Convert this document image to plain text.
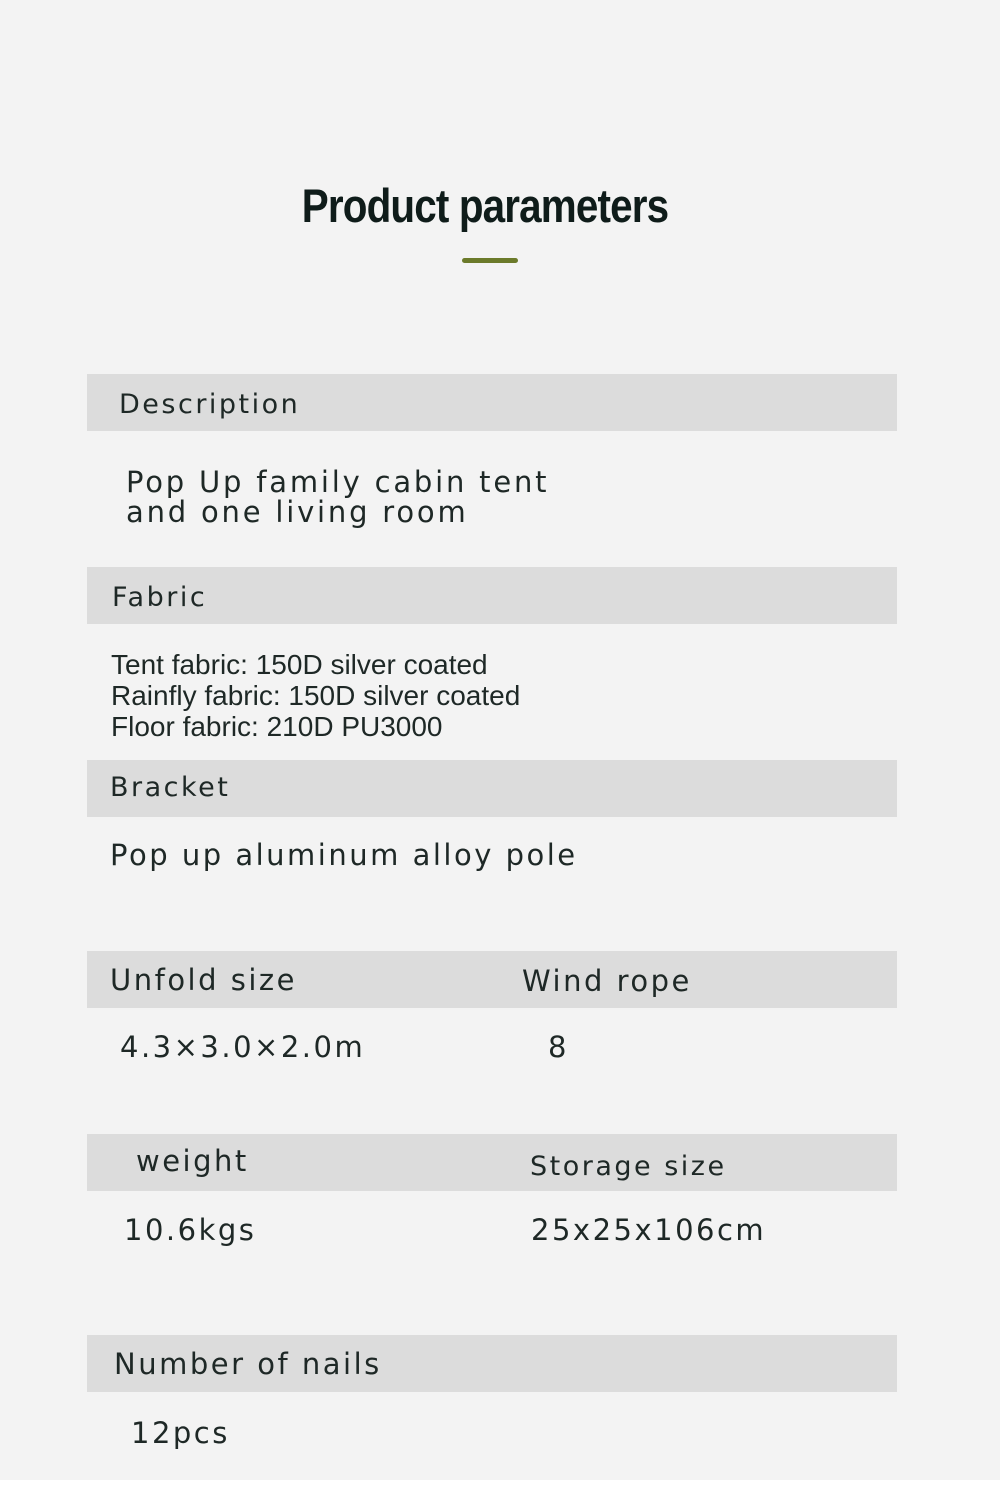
Product parameters
Description
Pop Up family cabin tent
and one living room
Fabric
Tent fabric: 150D silver coated
Rainfly fabric: 150D silver coated
Floor fabric: 210D PU3000
Bracket
Pop up aluminum alloy pole
Unfold size	Wind rope
4.3×3.0×2.0m	8
weight	Storage size
10.6kgs	25x25x106cm
Number of nails
12pcs
